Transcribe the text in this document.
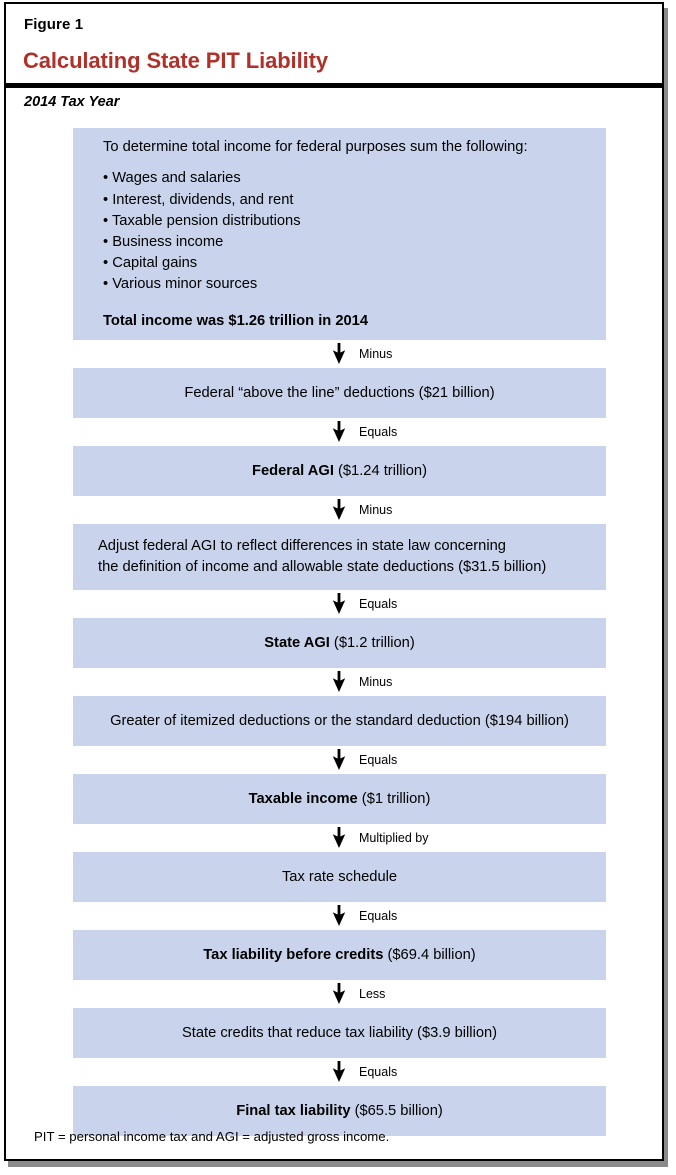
Figure 1
Calculating State PIT Liability
2014 Tax Year
To determine total income for federal purposes sum the following:
• Wages and salaries
• Interest, dividends, and rent
• Taxable pension distributions
• Business income
• Capital gains
• Various minor sources
Total income was $1.26 trillion in 2014
Minus
Federal “above the line” deductions ($21 billion)
Equals
Federal AGI ($1.24 trillion)
Minus
Adjust federal AGI to reflect differences in state law concerning
the definition of income and allowable state deductions ($31.5 billion)
Equals
State AGI ($1.2 trillion)
Minus
Greater of itemized deductions or the standard deduction ($194 billion)
Equals
Taxable income ($1 trillion)
Multiplied by
Tax rate schedule
Equals
Tax liability before credits ($69.4 billion)
Less
State credits that reduce tax liability ($3.9 billion)
Equals
Final tax liability ($65.5 billion)
PIT = personal income tax and AGI = adjusted gross income.
